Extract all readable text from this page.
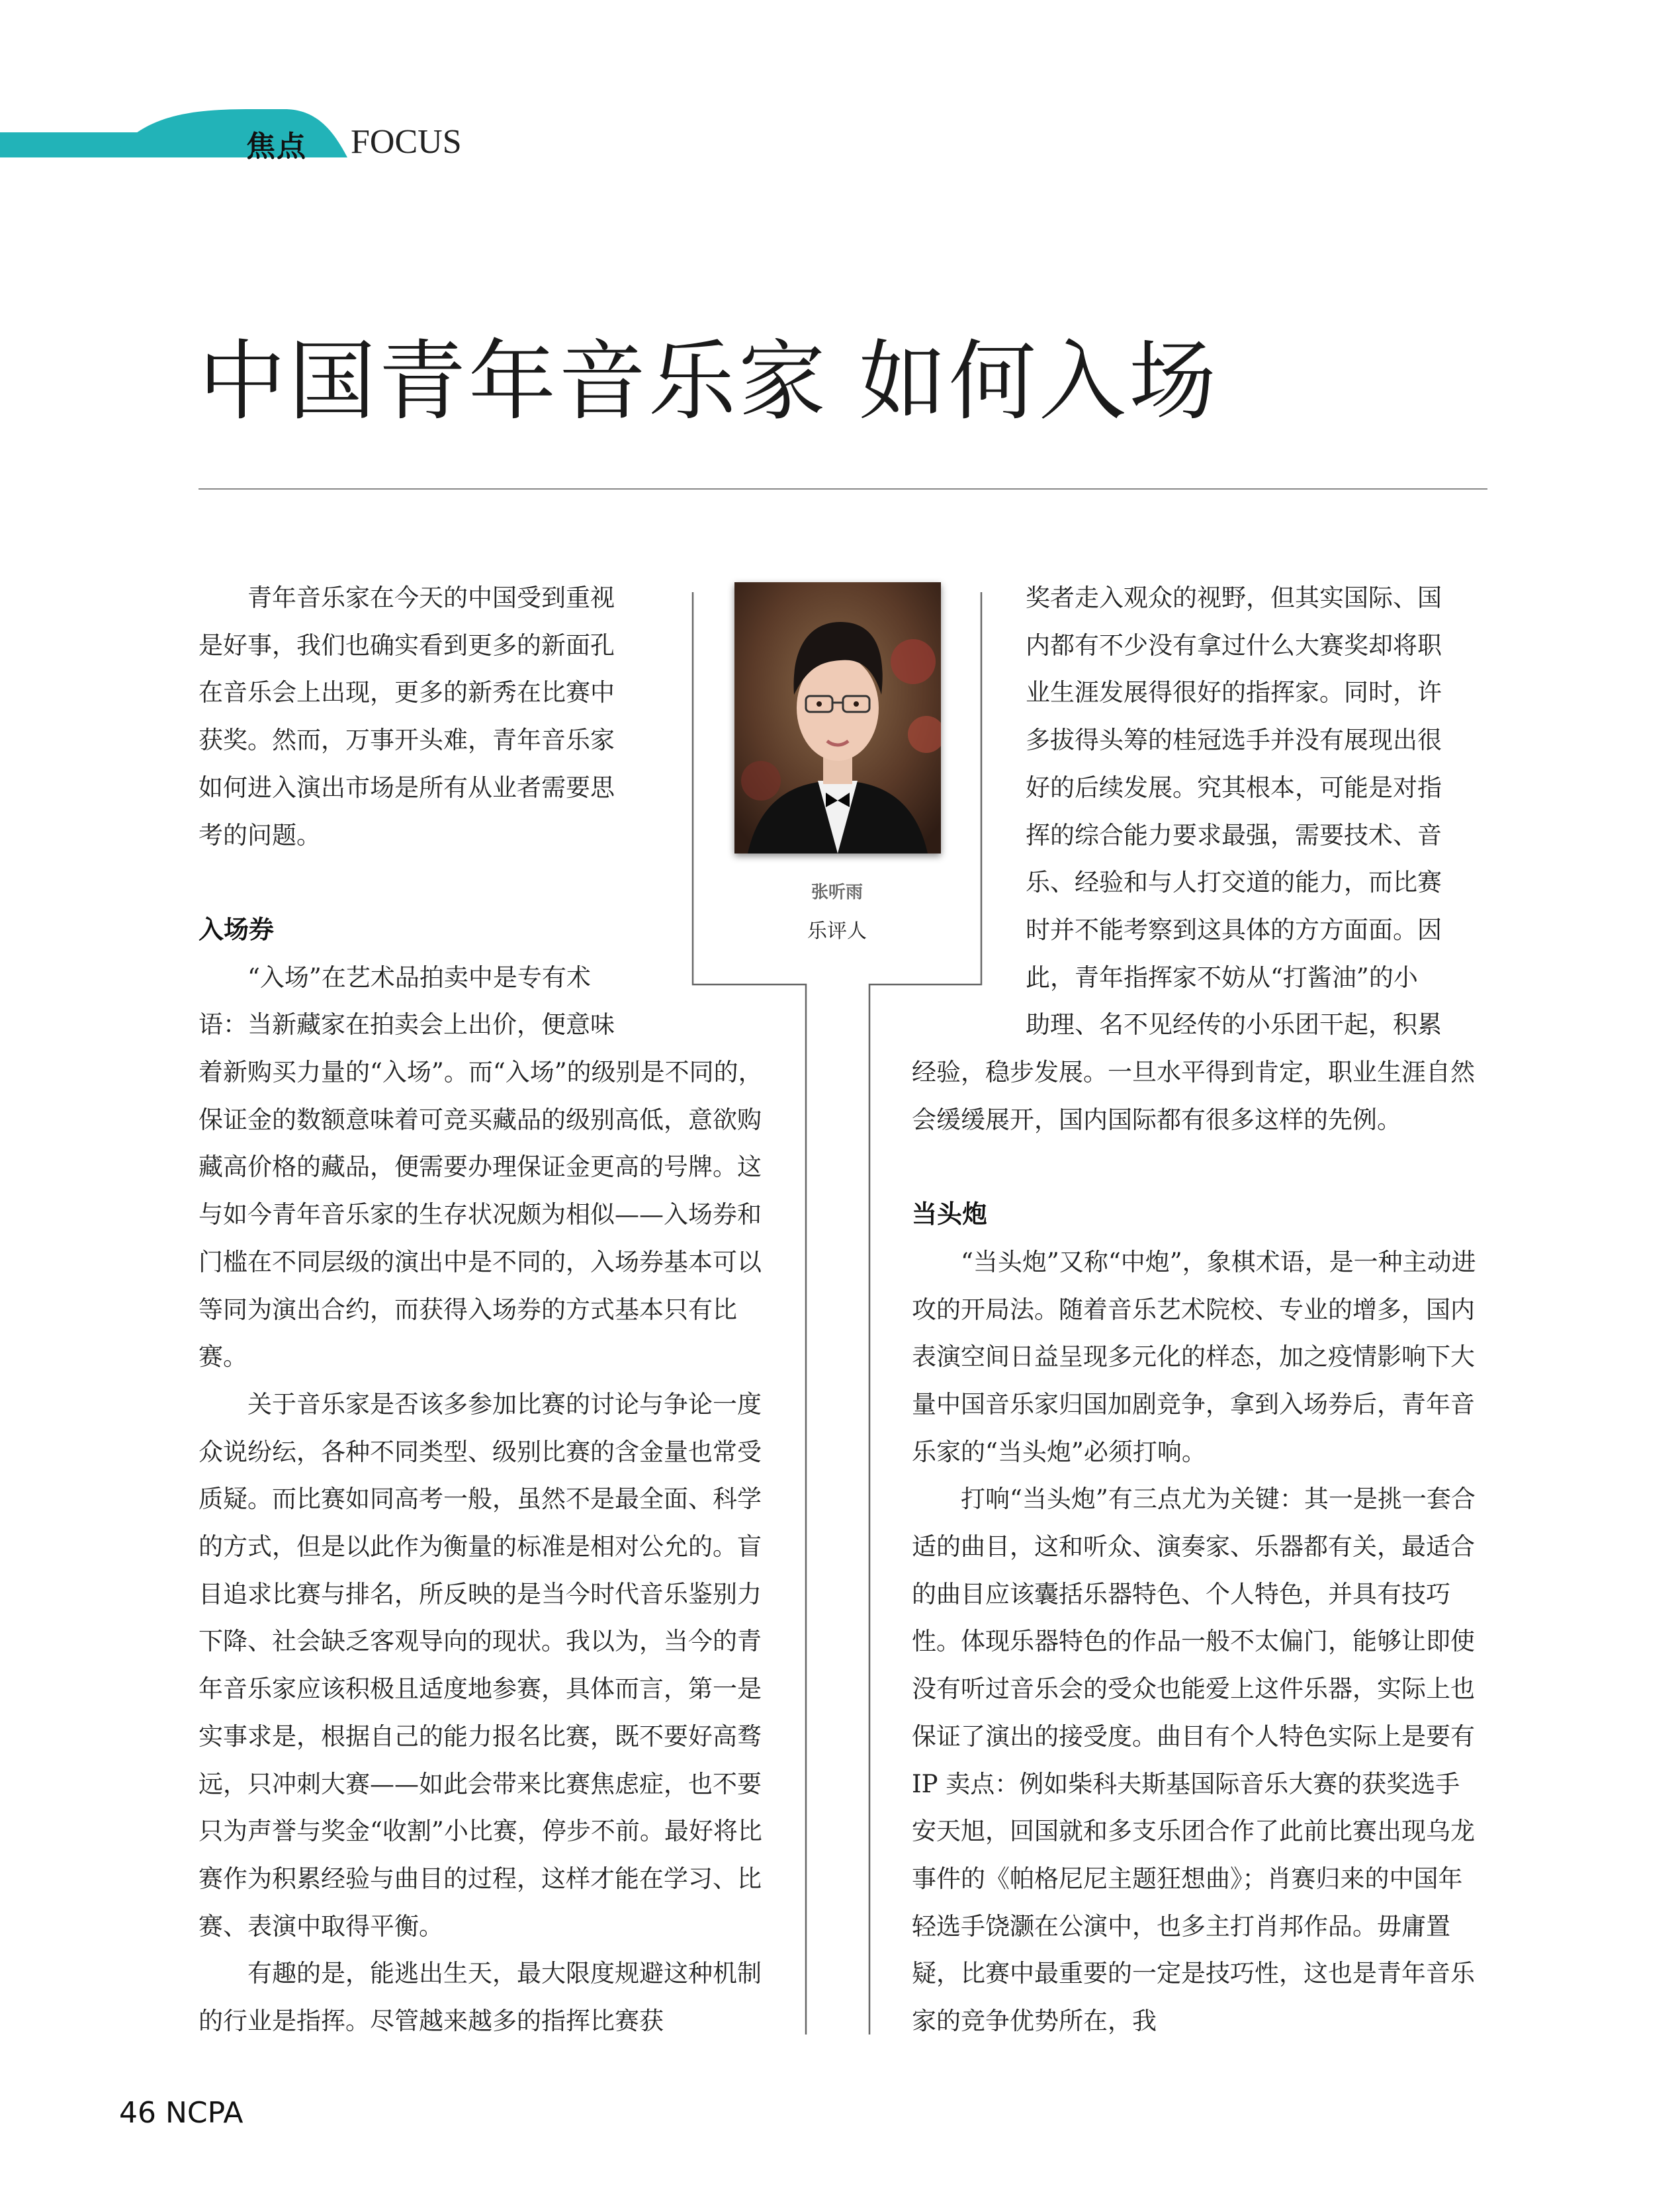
焦点 FOCUS
中国青年音乐家 如何入场
青年音乐家在今天的中国受到重视
是好事，我们也确实看到更多的新面孔
在音乐会上出现，更多的新秀在比赛中
获奖。然而，万事开头难，青年音乐家
如何进入演出市场是所有从业者需要思
考的问题。
入场券
“入场”在艺术品拍卖中是专有术
语：当新藏家在拍卖会上出价，便意味

着新购买力量的“入场”。而“入场”的级别是不同的，保证金的数额意味着可竞买藏品的级别高低，意欲购藏高价格的藏品，便需要办理保证金更高的号牌。这与如今青年音乐家的生存状况颇为相似——入场券和门槛在不同层级的演出中是不同的，入场券基本可以等同为演出合约，而获得入场券的方式基本只有比赛。

关于音乐家是否该多参加比赛的讨论与争论一度众说纷纭，各种不同类型、级别比赛的含金量也常受质疑。而比赛如同高考一般，虽然不是最全面、科学的方式，但是以此作为衡量的标准是相对公允的。盲目追求比赛与排名，所反映的是当今时代音乐鉴别力下降、社会缺乏客观导向的现状。我以为，当今的青年音乐家应该积极且适度地参赛，具体而言，第一是实事求是，根据自己的能力报名比赛，既不要好高骛远，只冲刺大赛——如此会带来比赛焦虑症，也不要只为声誉与奖金“收割”小比赛，停步不前。最好将比赛作为积累经验与曲目的过程，这样才能在学习、比赛、表演中取得平衡。

有趣的是，能逃出生天，最大限度规避这种机制的行业是指挥。尽管越来越多的指挥比赛获

张听雨
乐评人
奖者走入观众的视野，但其实国际、国
内都有不少没有拿过什么大赛奖却将职
业生涯发展得很好的指挥家。同时，许
多拔得头筹的桂冠选手并没有展现出很
好的后续发展。究其根本，可能是对指
挥的综合能力要求最强，需要技术、音
乐、经验和与人打交道的能力，而比赛
时并不能考察到这具体的方方面面。因
此，青年指挥家不妨从“打酱油”的小
助理、名不见经传的小乐团干起，积累

经验，稳步发展。一旦水平得到肯定，职业生涯自然会缓缓展开，国内国际都有很多这样的先例。

当头炮

“当头炮”又称“中炮”，象棋术语，是一种主动进攻的开局法。随着音乐艺术院校、专业的增多，国内表演空间日益呈现多元化的样态，加之疫情影响下大量中国音乐家归国加剧竞争，拿到入场券后，青年音乐家的“当头炮”必须打响。

打响“当头炮”有三点尤为关键：其一是挑一套合适的曲目，这和听众、演奏家、乐器都有关，最适合的曲目应该囊括乐器特色、个人特色，并具有技巧性。体现乐器特色的作品一般不太偏门，能够让即使没有听过音乐会的受众也能爱上这件乐器，实际上也保证了演出的接受度。曲目有个人特色实际上是要有 IP 卖点：例如柴科夫斯基国际音乐大赛的获奖选手安天旭，回国就和多支乐团合作了此前比赛出现乌龙事件的《帕格尼尼主题狂想曲》；肖赛归来的中国年轻选手饶灏在公演中，也多主打肖邦作品。毋庸置疑，比赛中最重要的一定是技巧性，这也是青年音乐家的竞争优势所在，我

46 NCPA
